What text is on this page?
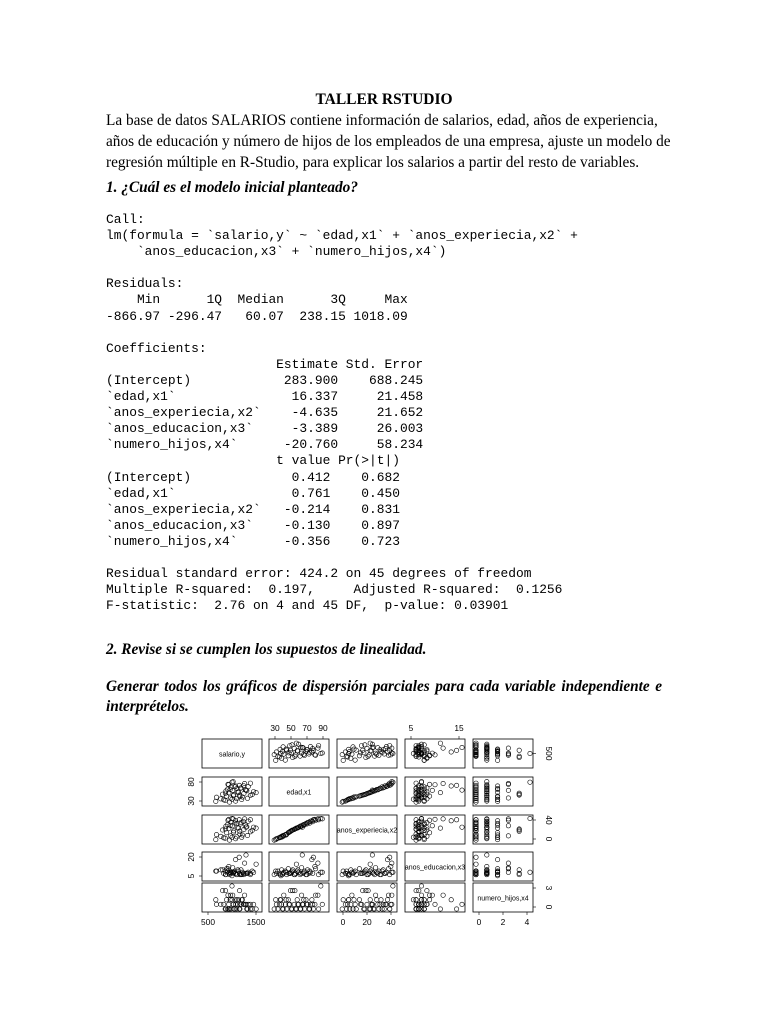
TALLER RSTUDIO
La base de datos SALARIOS contiene información de salarios, edad, años de experiencia,
años de educación y número de hijos de los empleados de una empresa, ajuste un modelo de
regresión múltiple en R-Studio, para explicar los salarios a partir del resto de variables.
1. ¿Cuál es el modelo inicial planteado?
Call:
lm(formula = `salario,y` ~ `edad,x1` + `anos_experiecia,x2` +
`anos_educacion,x3` + `numero_hijos,x4`)

Residuals:
Min      1Q  Median      3Q     Max
-866.97 -296.47   60.07  238.15 1018.09

Coefficients:
Estimate Std. Error
(Intercept)            283.900    688.245
`edad,x1`               16.337     21.458
`anos_experiecia,x2`    -4.635     21.652
`anos_educacion,x3`     -3.389     26.003
`numero_hijos,x4`      -20.760     58.234
t value Pr(>|t|)
(Intercept)             0.412    0.682
`edad,x1`               0.761    0.450
`anos_experiecia,x2`   -0.214    0.831
`anos_educacion,x3`    -0.130    0.897
`numero_hijos,x4`      -0.356    0.723

Residual standard error: 424.2 on 45 degrees of freedom
Multiple R-squared:  0.197,     Adjusted R-squared:  0.1256
F-statistic:  2.76 on 4 and 45 DF,  p-value: 0.03901
2. Revise si se cumplen los supuestos de linealidad.
Generar todos los gráficos de dispersión parciales para cada variable independiente e interprételos.
salario,y
edad,x1
anos_experiecia,x2
anos_educacion,x3
numero_hijos,x4
30 50 70 90	5	15
500	1500	0 20 40	0 2 4
30
80
5
20
500
0
40
0
3
